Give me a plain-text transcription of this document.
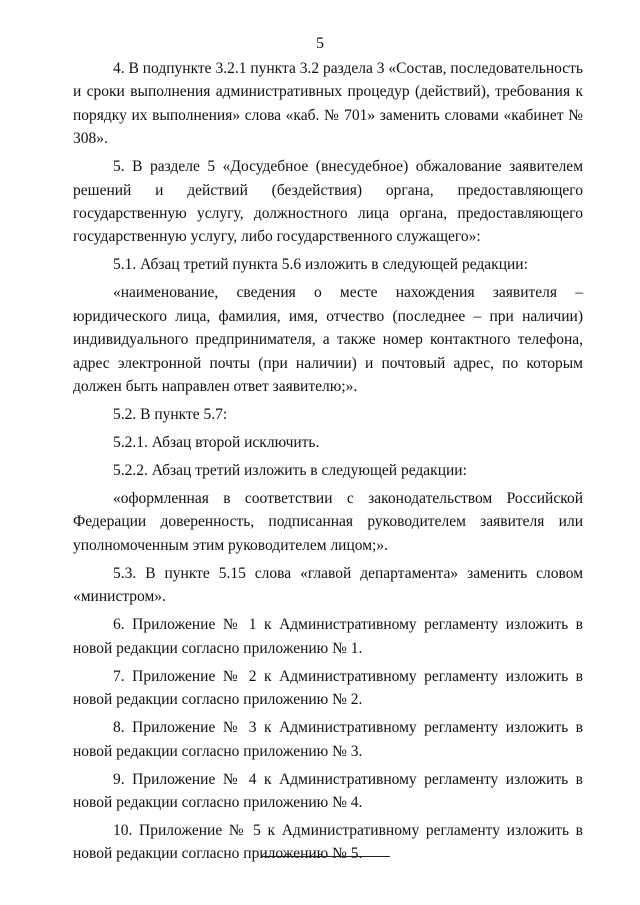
5

4. В подпункте 3.2.1 пункта 3.2 раздела 3 «Состав, последовательность и сроки выполнения административных процедур (действий), требования к порядку их выполнения» слова «каб. № 701» заменить словами «кабинет № 308».

5. В разделе 5 «Досудебное (внесудебное) обжалование заявителем решений и действий (бездействия) органа, предоставляющего государственную услугу, должностного лица органа, предоставляющего государственную услугу, либо государственного служащего»:

5.1. Абзац третий пункта 5.6 изложить в следующей редакции:

«наименование, сведения о месте нахождения заявителя – юридического лица, фамилия, имя, отчество (последнее – при наличии) индивидуального предпринимателя, а также номер контактного телефона, адрес электронной почты (при наличии) и почтовый адрес, по которым должен быть направлен ответ заявителю;».

5.2. В пункте 5.7:

5.2.1. Абзац второй исключить.

5.2.2. Абзац третий изложить в следующей редакции:

«оформленная в соответствии с законодательством Российской Федерации доверенность, подписанная руководителем заявителя или уполномоченным этим руководителем лицом;».

5.3. В пункте 5.15 слова «главой департамента» заменить словом «министром».

6. Приложение № 1 к Административному регламенту изложить в новой редакции согласно приложению № 1.

7. Приложение № 2 к Административному регламенту изложить в новой редакции согласно приложению № 2.

8. Приложение № 3 к Административному регламенту изложить в новой редакции согласно приложению № 3.

9. Приложение № 4 к Административному регламенту изложить в новой редакции согласно приложению № 4.

10. Приложение № 5 к Административному регламенту изложить в новой редакции согласно приложению № 5.
